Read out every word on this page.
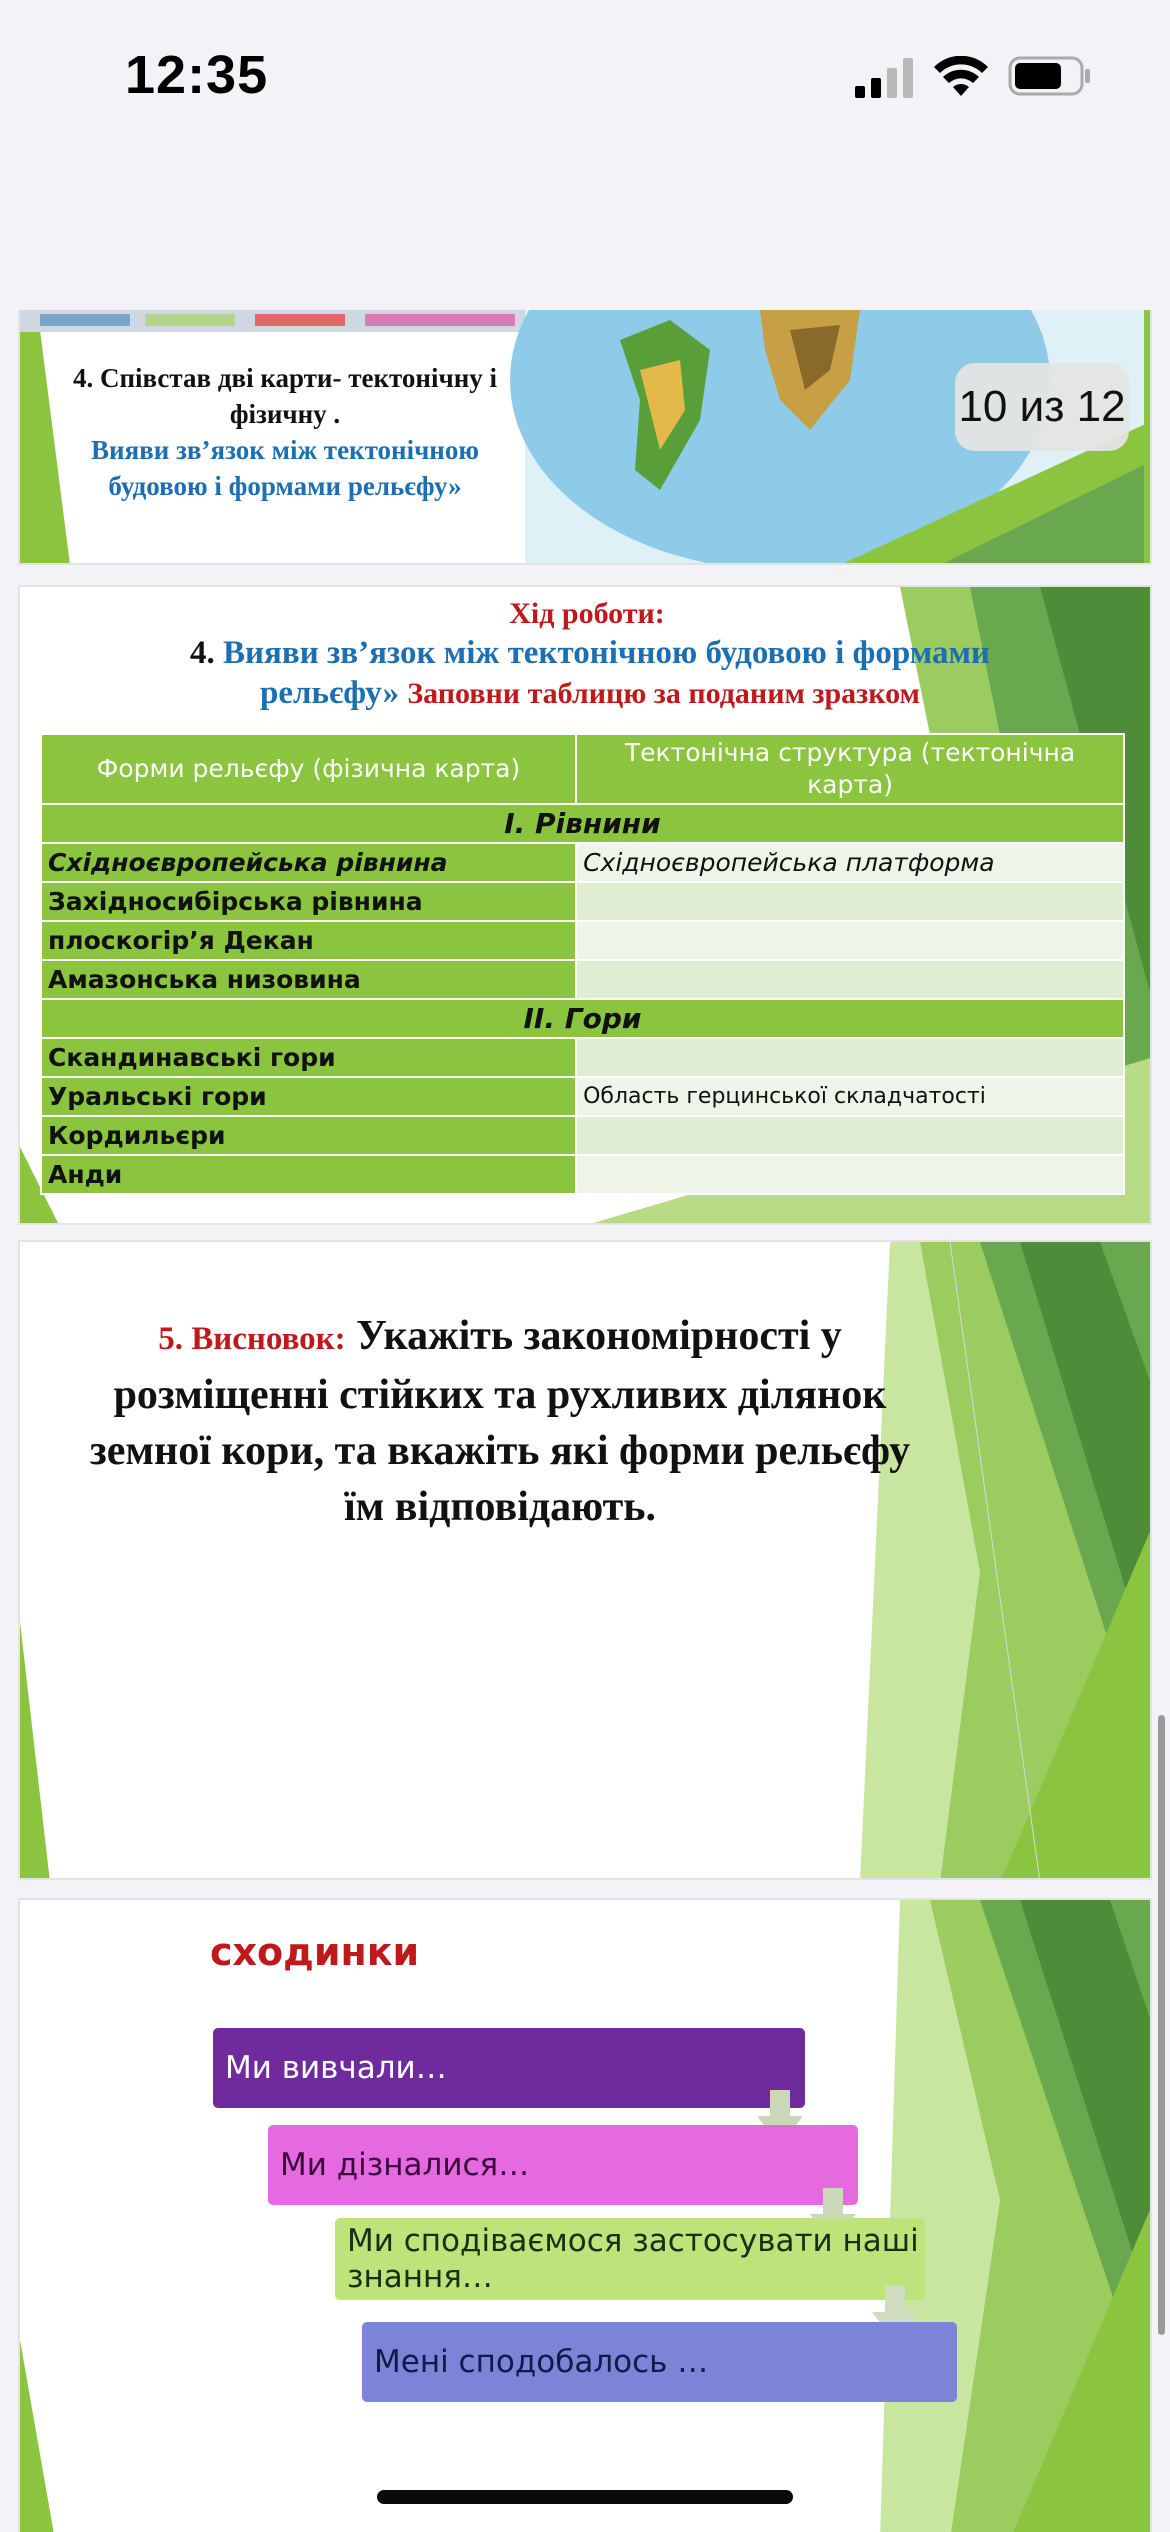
12:35
4. Співстав дві карти- тектонічну і фізичну .
Вияви зв’язок між тектонічною будовою і формами рельєфу»
10 из 12
Хід роботи:
4. Вияви зв’язок між тектонічною будовою і формами рельєфу» Заповни таблицю за поданим зразком
Форми рельєфу (фізична карта)	Тектонічна структура (тектонічна карта)
І. Рівнини	
Східноєвропейська рівнина	Східноєвропейська платформа
Західносибірська рівнина	
плоскогір’я Декан	
Амазонська низовина	
ІІ. Гори	
Скандинавські гори	
Уральські гори	Область герцинської складчатості
Кордильєри	
Анди	
5. Висновок: Укажіть закономірності у розміщенні стійких та рухливих ділянок земної кори, та вкажіть які форми рельєфу їм відповідають.
сходинки
Ми вивчали…
Ми дізналися…
Ми сподіваємося застосувати наші знання…
Мені сподобалось …
